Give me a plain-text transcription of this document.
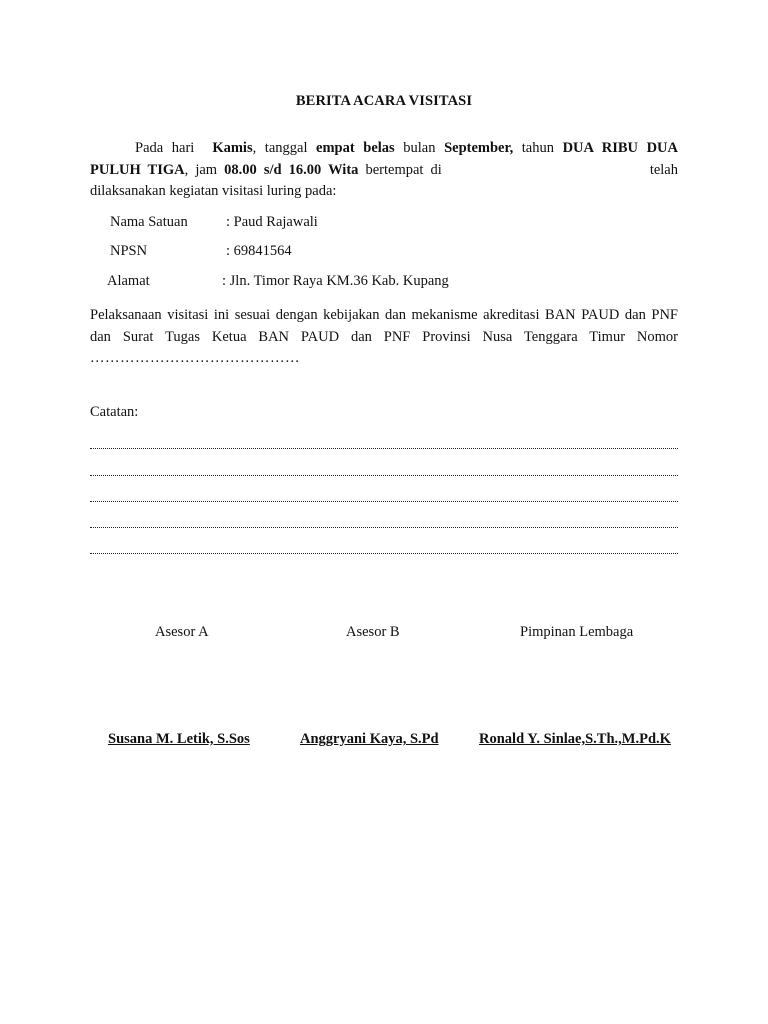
BERITA ACARA VISITASI

Pada hari Kamis, tanggal empat belas bulan September, tahun DUA RIBU DUA PULUH TIGA, jam 08.00 s/d 16.00 Wita bertempat di	telah dilaksanakan kegiatan visitasi luring pada:

Nama Satuan	: Paud Rajawali
NPSN	: 69841564
Alamat	: Jln. Timor Raya KM.36 Kab. Kupang

Pelaksanaan visitasi ini sesuai dengan kebijakan dan mekanisme akreditasi BAN PAUD dan PNF dan Surat Tugas Ketua BAN PAUD dan PNF Provinsi Nusa Tenggara Timur Nomor ……………………………………

Catatan:
Asesor A	Asesor B	Pimpinan Lembaga
Susana M. Letik, S.Sos	Anggryani Kaya, S.Pd	Ronald Y. Sinlae,S.Th.,M.Pd.K
